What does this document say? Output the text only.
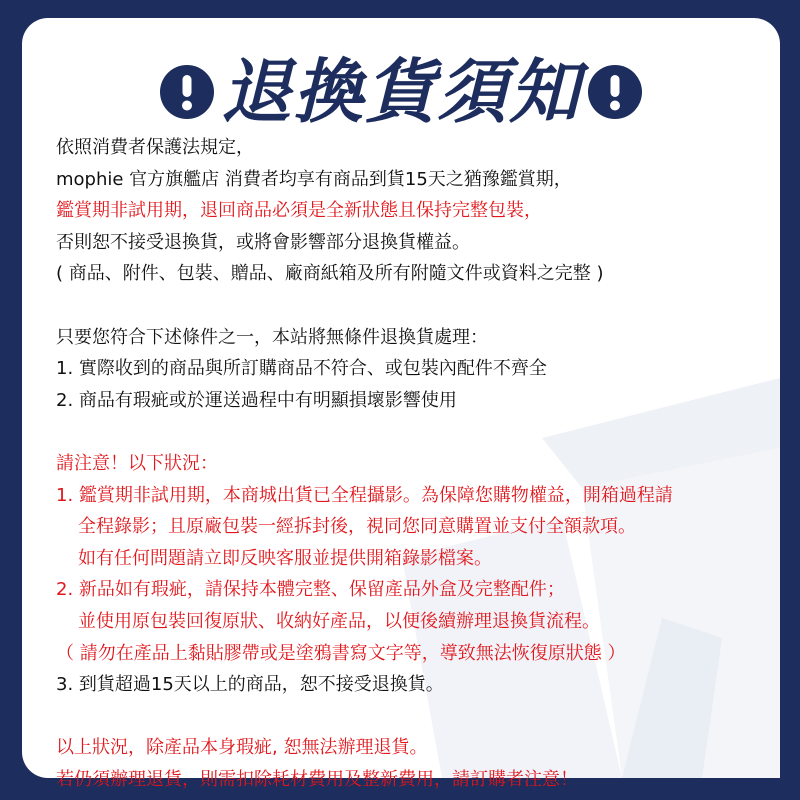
退換貨須知
依照消費者保護法規定，
mophie 官方旗艦店 消費者均享有商品到貨15天之猶豫鑑賞期，
鑑賞期非試用期，退回商品必須是全新狀態且保持完整包裝，
否則恕不接受退換貨，或將會影響部分退換貨權益。
( 商品、附件、包裝、贈品、廠商紙箱及所有附隨文件或資料之完整 )
只要您符合下述條件之一，本站將無條件退換貨處理：
1. 實際收到的商品與所訂購商品不符合、或包裝內配件不齊全
2. 商品有瑕疵或於運送過程中有明顯損壞影響使用
請注意！以下狀況：
1. 鑑賞期非試用期，本商城出貨已全程攝影。為保障您購物權益，開箱過程請
全程錄影；且原廠包裝一經拆封後，視同您同意購置並支付全額款項。
如有任何問題請立即反映客服並提供開箱錄影檔案。
2. 新品如有瑕疵，請保持本體完整、保留產品外盒及完整配件；
並使用原包裝回復原狀、收納好產品，以便後續辦理退換貨流程。
（ 請勿在產品上黏貼膠帶或是塗鴉書寫文字等，導致無法恢復原狀態 ）
3. 到貨超過15天以上的商品，恕不接受退換貨。
以上狀況，除產品本身瑕疵, 恕無法辦理退貨。
若仍須辦理退貨，則需扣除耗材費用及整新費用，請訂購者注意！
